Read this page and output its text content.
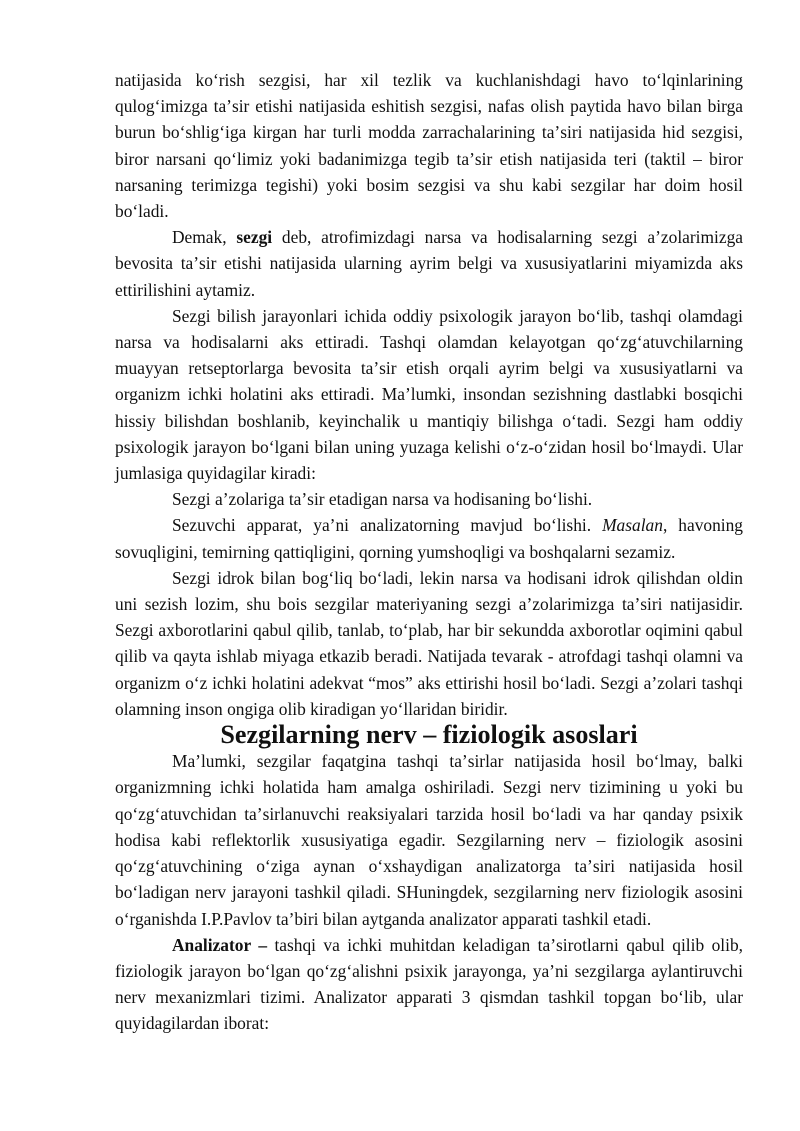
natijasida koʻrish sezgisi, har xil tezlik va kuchlanishdagi havo toʻlqinlarining qulogʻimizga taʼsir etishi natijasida eshitish sezgisi, nafas olish paytida havo bilan birga burun boʻshligʻiga kirgan har turli modda zarrachalarining taʼsiri natijasida hid sezgisi, biror narsani qoʻlimiz yoki badanimizga tegib taʼsir etish natijasida teri (taktil – biror narsaning terimizga tegishi) yoki bosim sezgisi va shu kabi sezgilar har doim hosil boʻladi.

Demak, sezgi deb, atrofimizdagi narsa va hodisalarning sezgi aʼzolarimizga bevosita taʼsir etishi natijasida ularning ayrim belgi va xususiyatlarini miyamizda aks ettirilishini aytamiz.

Sezgi bilish jarayonlari ichida oddiy psixologik jarayon boʻlib, tashqi olamdagi narsa va hodisalarni aks ettiradi. Tashqi olamdan kelayotgan qoʻzgʻatuvchilarning muayyan retseptorlarga bevosita taʼsir etish orqali ayrim belgi va xususiyatlarni va organizm ichki holatini aks ettiradi. Maʼlumki, insondan sezishning dastlabki bosqichi hissiy bilishdan boshlanib, keyinchalik u mantiqiy bilishga oʻtadi. Sezgi ham oddiy psixologik jarayon boʻlgani bilan uning yuzaga kelishi oʻz-oʻzidan hosil boʻlmaydi. Ular jumlasiga quyidagilar kiradi:

Sezgi aʼzolariga taʼsir etadigan narsa va hodisaning boʻlishi.

Sezuvchi apparat, yaʼni analizatorning mavjud boʻlishi. Masalan, havoning sovuqligini, temirning qattiqligini, qorning yumshoqligi va boshqalarni sezamiz.

Sezgi idrok bilan bogʻliq boʻladi, lekin narsa va hodisani idrok qilishdan oldin uni sezish lozim, shu bois sezgilar materiyaning sezgi aʼzolarimizga taʼsiri natijasidir. Sezgi axborotlarini qabul qilib, tanlab, toʻplab, har bir sekundda axborotlar oqimini qabul qilib va qayta ishlab miyaga etkazib beradi. Natijada tevarak - atrofdagi tashqi olamni va organizm oʻz ichki holatini adekvat “mos” aks ettirishi hosil boʻladi. Sezgi aʼzolari tashqi olamning inson ongiga olib kiradigan yoʻllaridan biridir.

Sezgilarning nerv – fiziologik asoslari

Maʼlumki, sezgilar faqatgina tashqi taʼsirlar natijasida hosil boʻlmay, balki organizmning ichki holatida ham amalga oshiriladi. Sezgi nerv tizimining u yoki bu qoʻzgʻatuvchidan taʼsirlanuvchi reaksiyalari tarzida hosil boʻladi va har qanday psixik hodisa kabi reflektorlik xususiyatiga egadir. Sezgilarning nerv – fiziologik asosini qoʻzgʻatuvchining oʻziga aynan oʻxshaydigan analizatorga taʼsiri natijasida hosil boʻladigan nerv jarayoni tashkil qiladi. SHuningdek, sezgilarning nerv fiziologik asosini oʻrganishda I.P.Pavlov taʼbiri bilan aytganda analizator apparati tashkil etadi.

Analizator – tashqi va ichki muhitdan keladigan taʼsirotlarni qabul qilib olib, fiziologik jarayon boʻlgan qoʻzgʻalishni psixik jarayonga, yaʼni sezgilarga aylantiruvchi nerv mexanizmlari tizimi. Analizator apparati 3 qismdan tashkil topgan boʻlib, ular quyidagilardan iborat:
